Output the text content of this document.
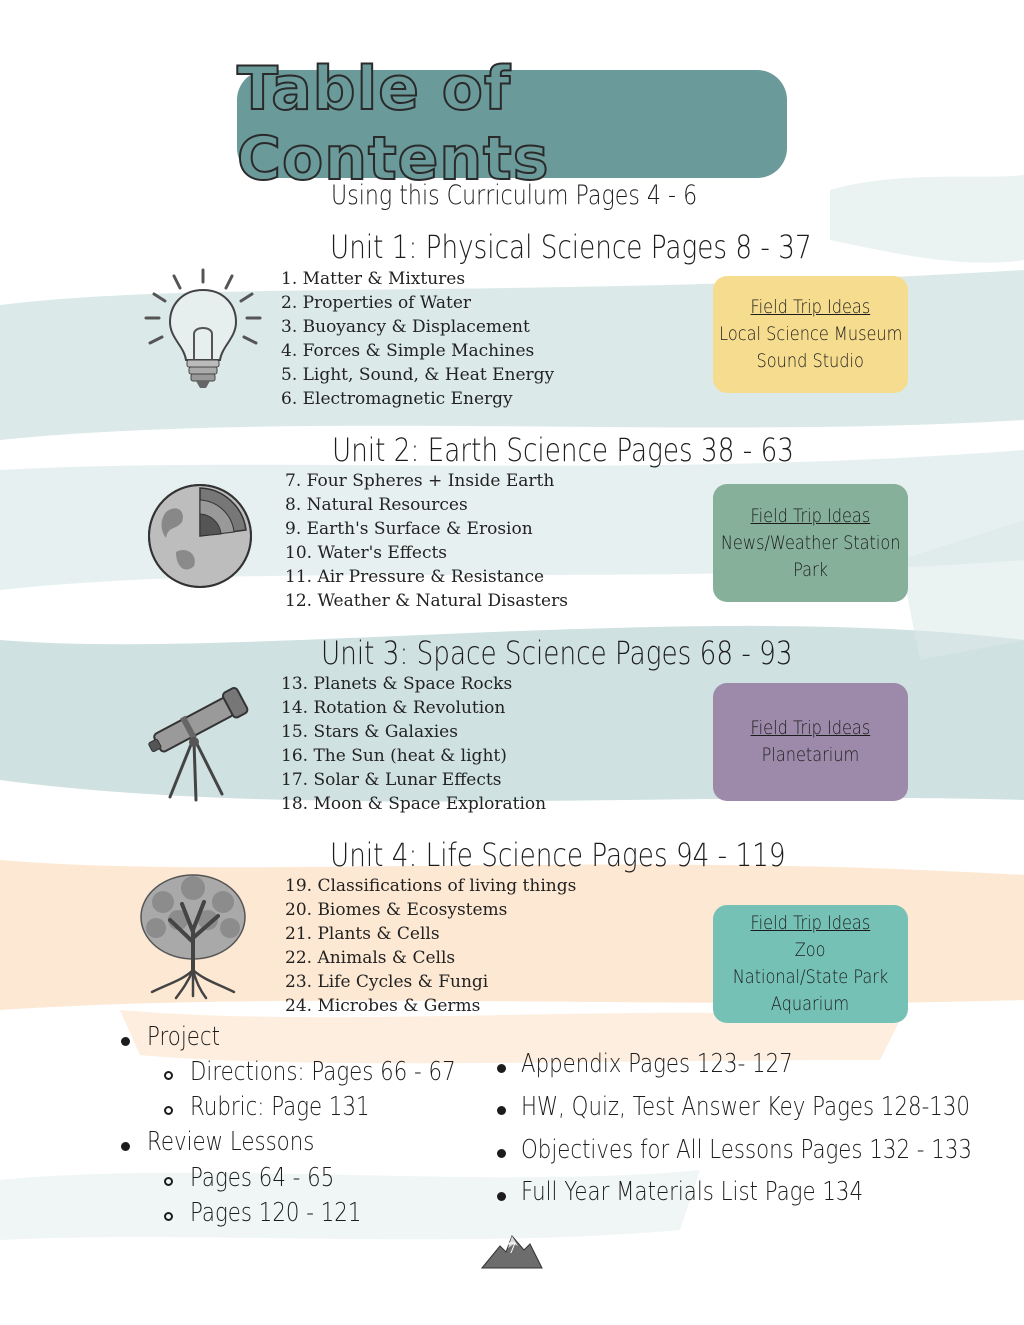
Table of Contents
Using this Curriculum Pages 4 - 6
Unit 1: Physical Science Pages 8 - 37
1. Matter & Mixtures
2. Properties of Water
3. Buoyancy & Displacement
4. Forces & Simple Machines
5. Light, Sound, & Heat Energy
6. Electromagnetic Energy
Field Trip Ideas
Local Science Museum
Sound Studio
Unit 2: Earth Science Pages 38 - 63
7. Four Spheres + Inside Earth
8. Natural Resources
9. Earth's Surface & Erosion
10. Water's Effects
11. Air Pressure & Resistance
12. Weather & Natural Disasters
Field Trip Ideas
News/Weather Station
Park
Unit 3: Space Science Pages 68 - 93
13. Planets & Space Rocks
14. Rotation & Revolution
15. Stars & Galaxies
16. The Sun (heat & light)
17. Solar & Lunar Effects
18. Moon & Space Exploration
Field Trip Ideas
Planetarium
Unit 4: Life Science Pages 94 - 119
19. Classifications of living things
20. Biomes & Ecosystems
21. Plants & Cells
22. Animals & Cells
23. Life Cycles & Fungi
24. Microbes & Germs
Field Trip Ideas
Zoo
National/State Park
Aquarium
Project
Directions: Pages 66 - 67
Rubric: Page 131
Review Lessons
Pages 64 - 65
Pages 120 - 121
Appendix Pages 123- 127
HW, Quiz, Test Answer Key Pages 128-130
Objectives for All Lessons Pages 132 - 133
Full Year Materials List Page 134
7
